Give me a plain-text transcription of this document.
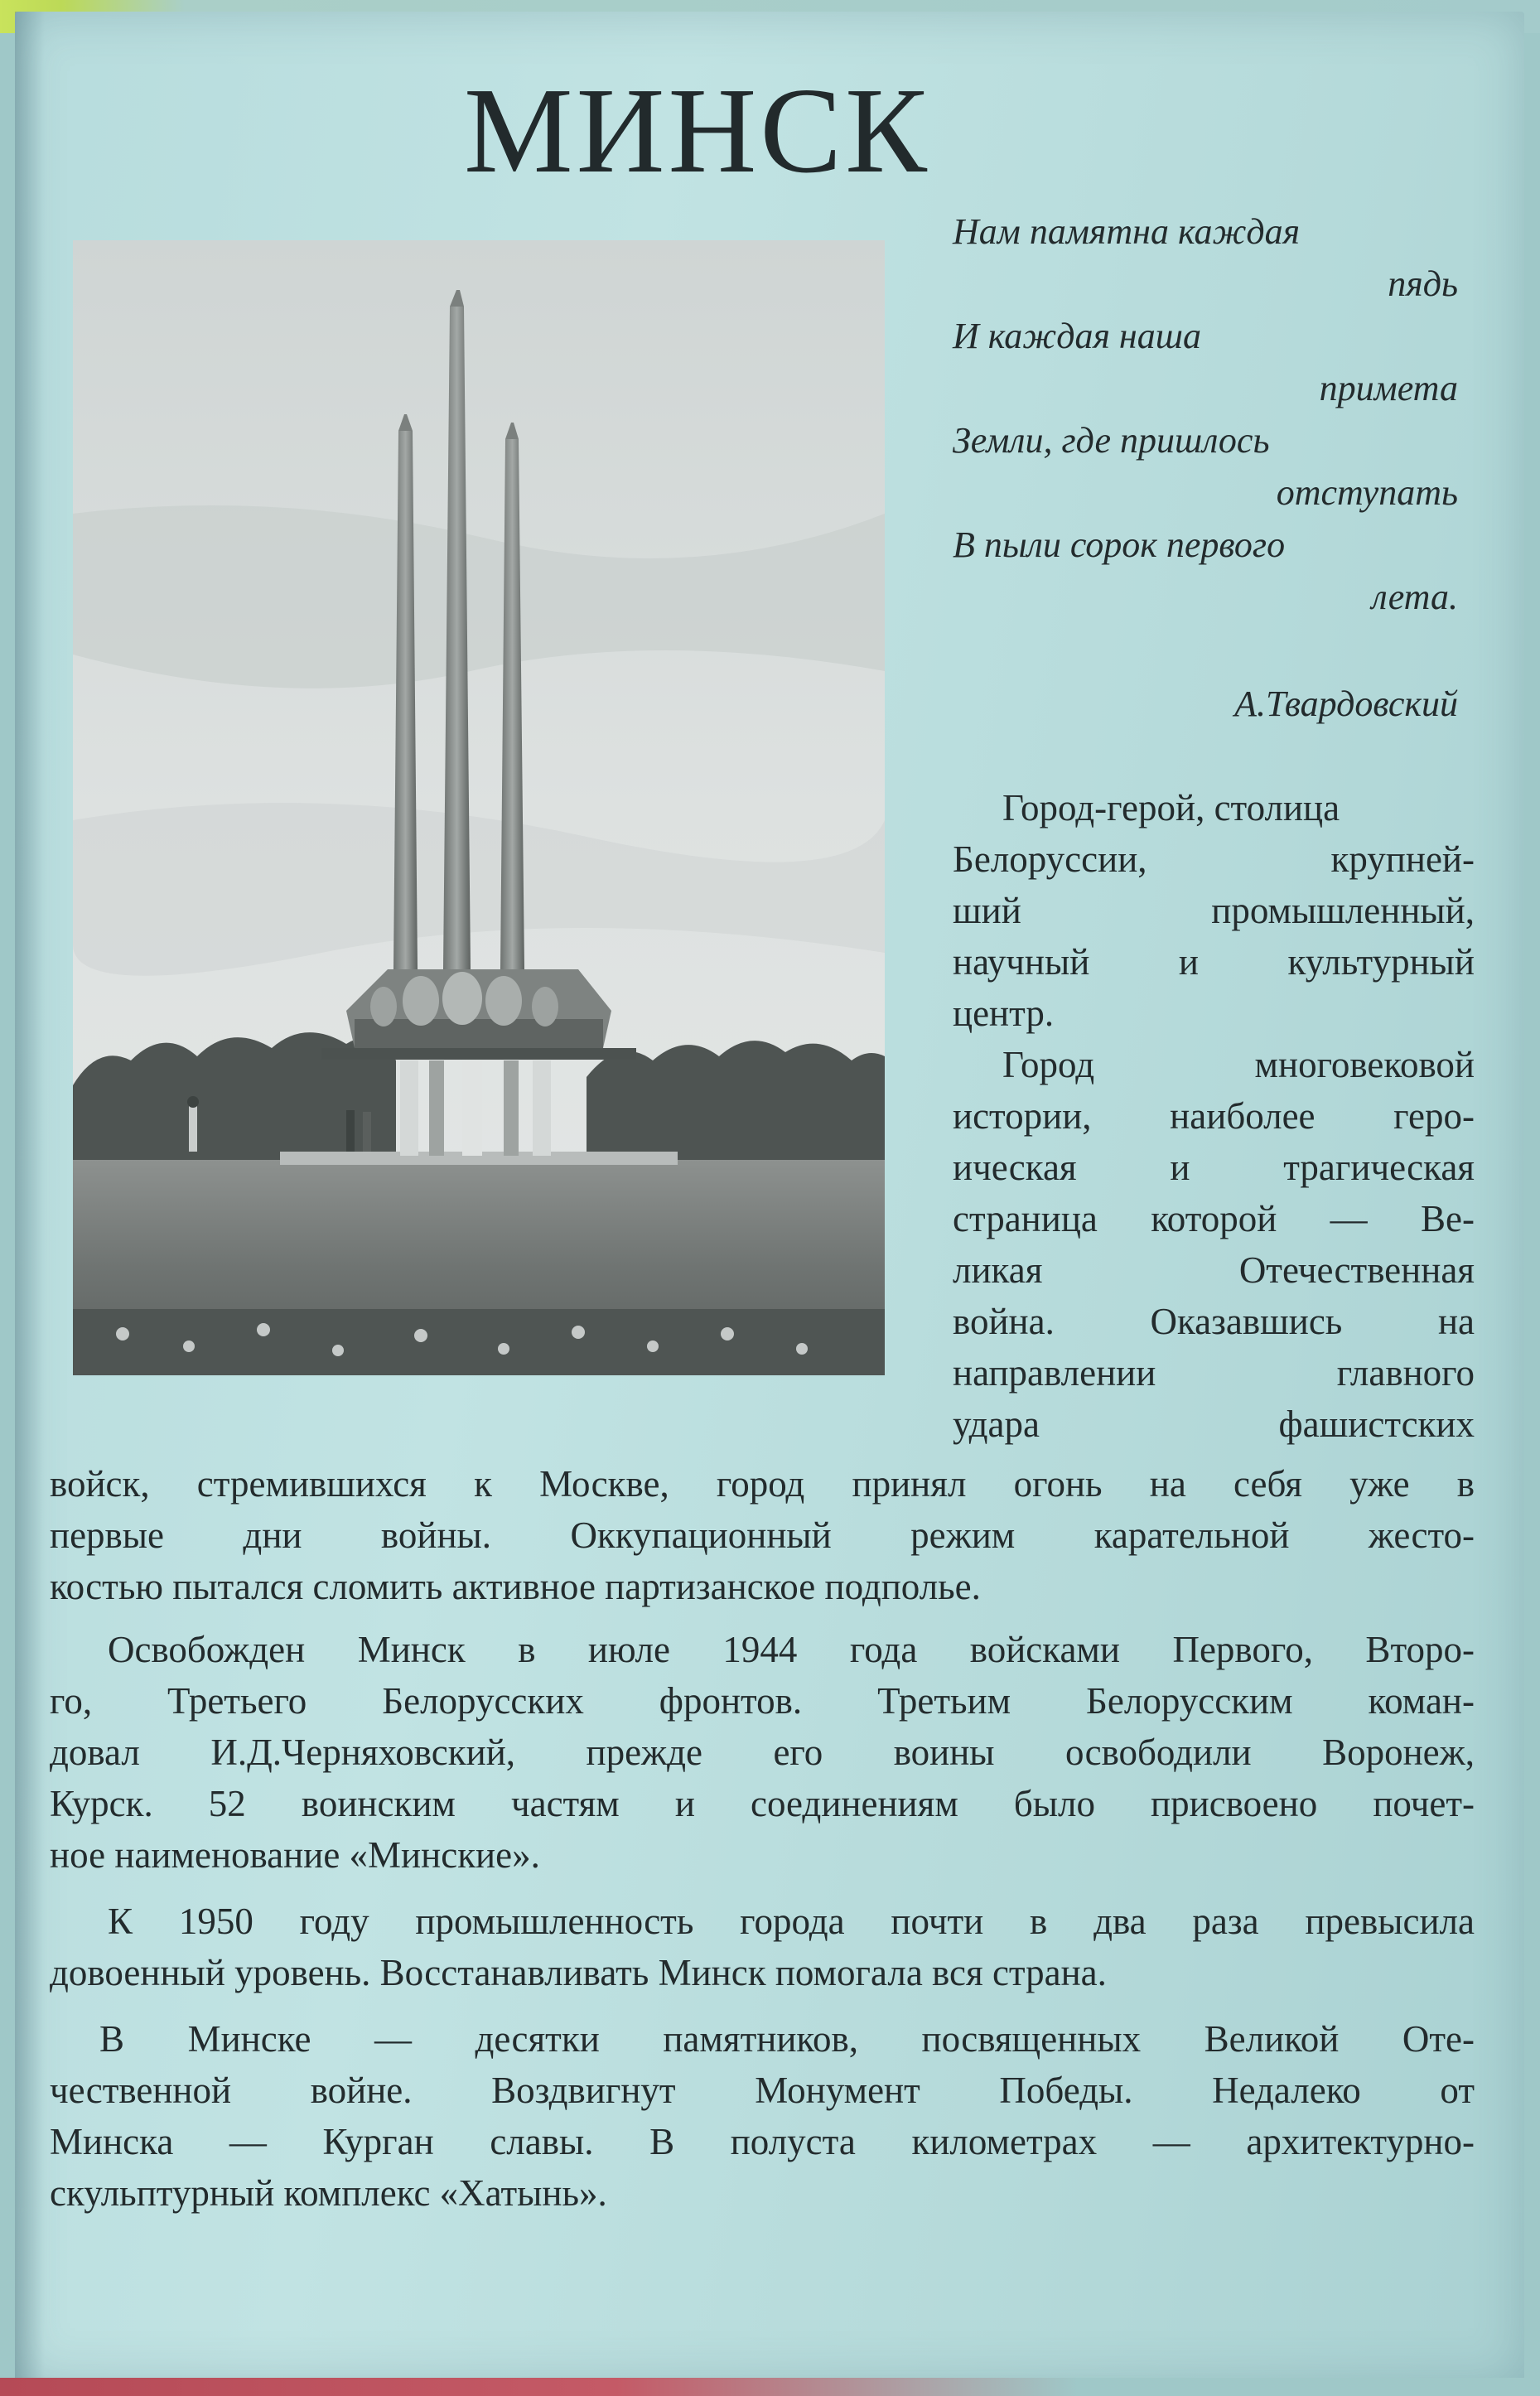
МИНСК
Нам памятна каждая
пядь
И каждая наша
примета
Земли, где пришлось
отступать
В пыли сорок первого
лета.
А.Твардовский
Город-герой, столица
Белоруссии, крупней-
ший промышленный,
научный и культурный
центр.
Город многовековой
истории, наиболее геро-
ическая и трагическая
страница которой — Ве-
ликая Отечественная
война. Оказавшись на
направлении главного
удара фашистских
войск, стремившихся к Москве, город принял огонь на себя уже в
первые дни войны. Оккупационный режим карательной жесто-
костью пытался сломить активное партизанское подполье.
Освобожден Минск в июле 1944 года войсками Первого, Второ-
го, Третьего Белорусских фронтов. Третьим Белорусским коман-
довал И.Д.Черняховский, прежде его воины освободили Воронеж,
Курск. 52 воинским частям и соединениям было присвоено почет-
ное наименование «Минские».
К 1950 году промышленность города почти в два раза превысила
довоенный уровень. Восстанавливать Минск помогала вся страна.
В Минске — десятки памятников, посвященных Великой Оте-
чественной войне. Воздвигнут Монумент Победы. Недалеко от
Минска — Курган славы. В полуста километрах — архитектурно-
скульптурный комплекс «Хатынь».
